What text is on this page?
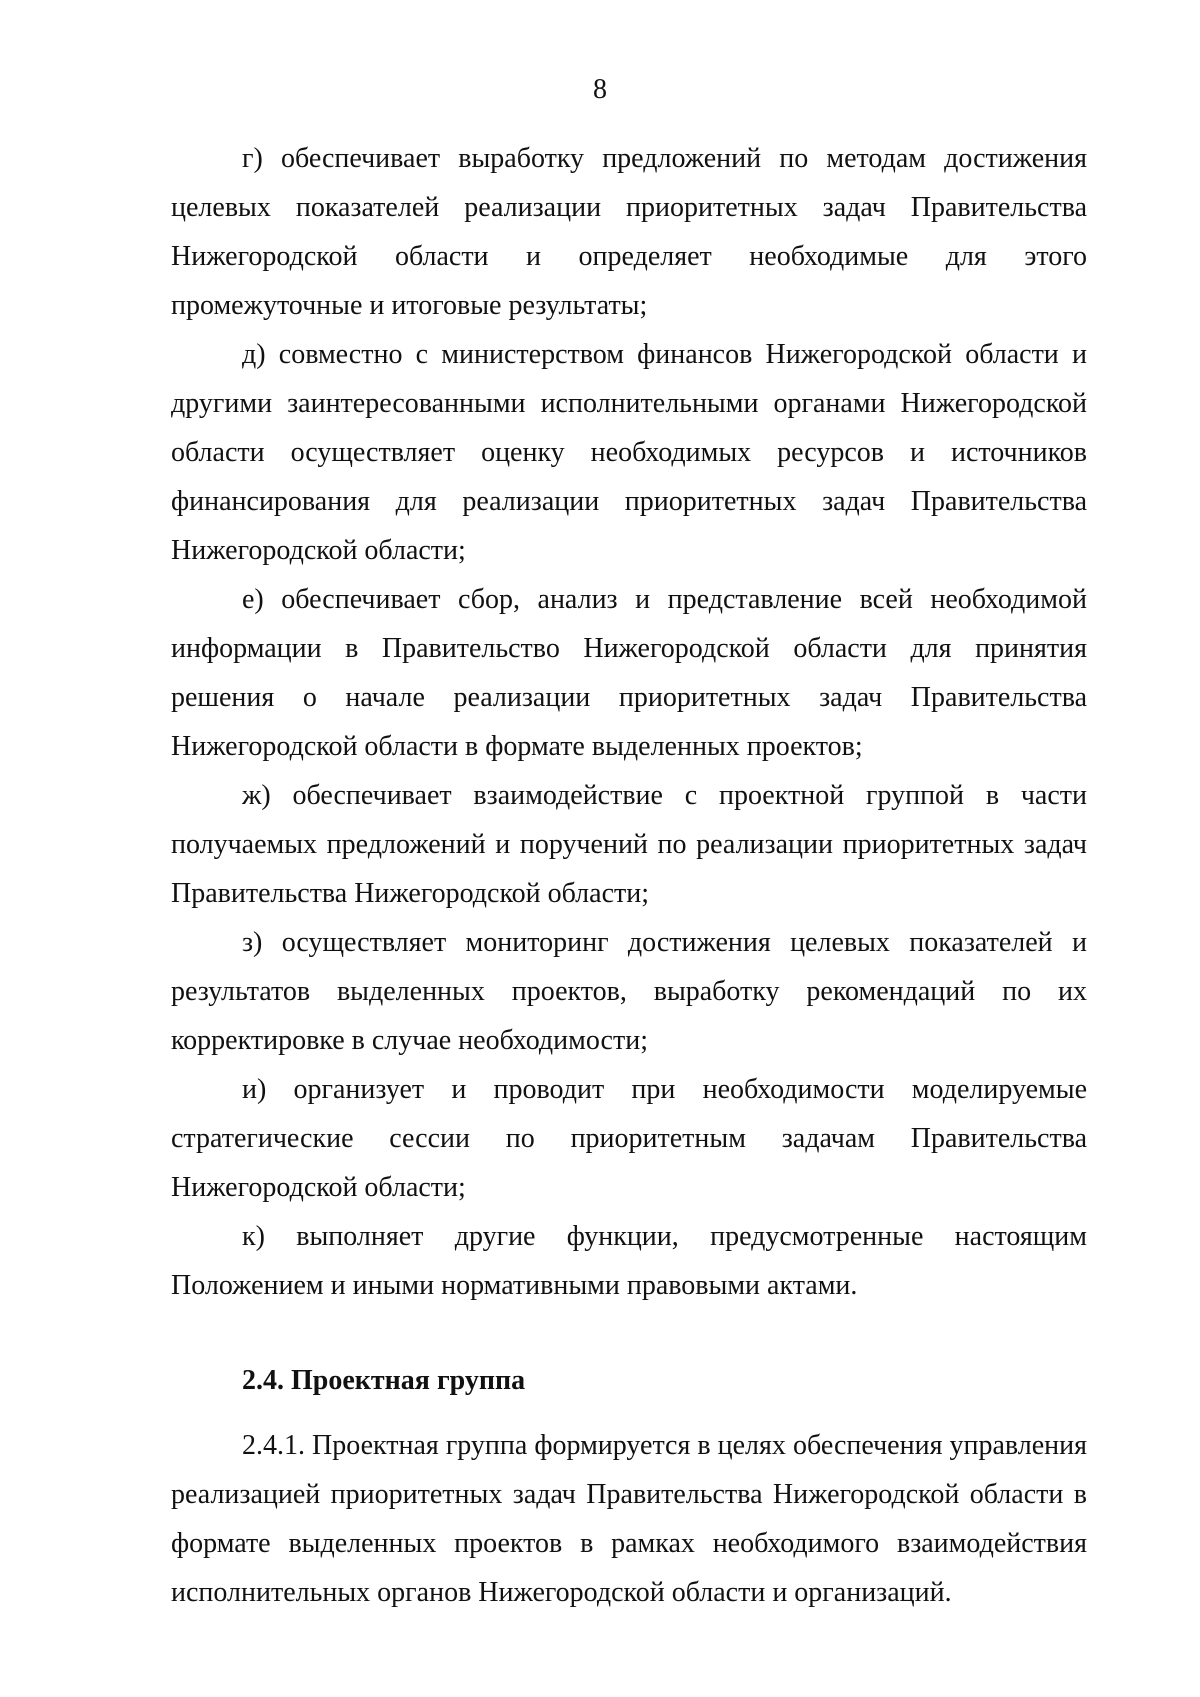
8

г) обеспечивает выработку предложений по методам достижения целевых показателей реализации приоритетных задач Правительства Нижегородской области и определяет необходимые для этого промежуточные и итоговые результаты;

д) совместно с министерством финансов Нижегородской области и другими заинтересованными исполнительными органами Нижегородской области осуществляет оценку необходимых ресурсов и источников финансирования для реализации приоритетных задач Правительства Нижегородской области;

е) обеспечивает сбор, анализ и представление всей необходимой информации в Правительство Нижегородской области для принятия решения о начале реализации приоритетных задач Правительства Нижегородской области в формате выделенных проектов;

ж) обеспечивает взаимодействие с проектной группой в части получаемых предложений и поручений по реализации приоритетных задач Правительства Нижегородской области;

з) осуществляет мониторинг достижения целевых показателей и результатов выделенных проектов, выработку рекомендаций по их корректировке в случае необходимости;

и) организует и проводит при необходимости моделируемые стратегические сессии по приоритетным задачам Правительства Нижегородской области;

к) выполняет другие функции, предусмотренные настоящим Положением и иными нормативными правовыми актами.

2.4. Проектная группа

2.4.1. Проектная группа формируется в целях обеспечения управления реализацией приоритетных задач Правительства Нижегородской области в формате выделенных проектов в рамках необходимого взаимодействия исполнительных органов Нижегородской области и организаций.
